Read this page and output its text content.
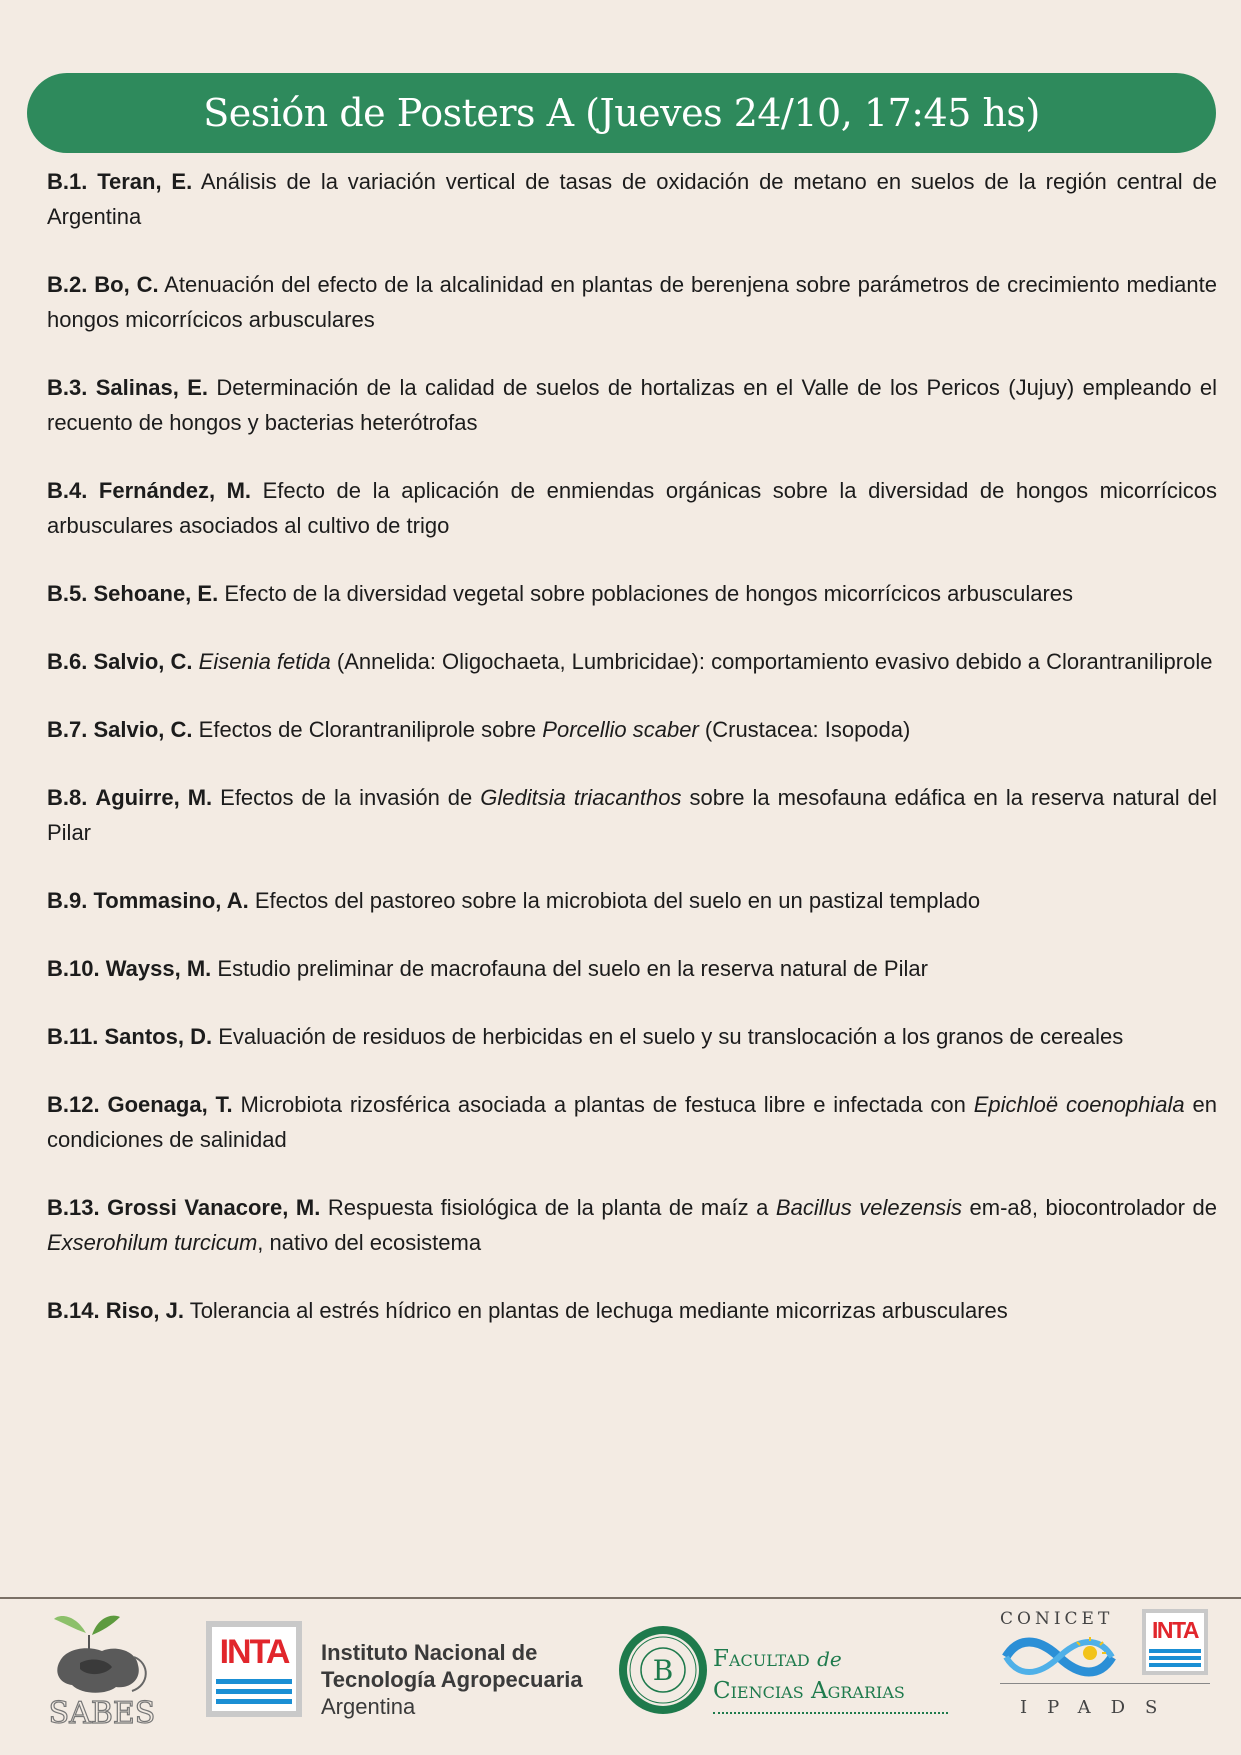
Sesión de Posters A (Jueves 24/10, 17:45 hs)

B.1. Teran, E. Análisis de la variación vertical de tasas de oxidación de metano en suelos de la región central de Argentina

B.2. Bo, C. Atenuación del efecto de la alcalinidad en plantas de berenjena sobre parámetros de crecimiento mediante hongos micorrícicos arbusculares

B.3. Salinas, E. Determinación de la calidad de suelos de hortalizas en el Valle de los Pericos (Jujuy) empleando el recuento de hongos y bacterias heterótrofas

B.4. Fernández, M. Efecto de la aplicación de enmiendas orgánicas sobre la diversidad de hongos micorrícicos arbusculares asociados al cultivo de trigo

B.5. Sehoane, E. Efecto de la diversidad vegetal sobre poblaciones de hongos micorrícicos arbusculares

B.6. Salvio, C. Eisenia fetida (Annelida: Oligochaeta, Lumbricidae): comportamiento evasivo debido a Clorantraniliprole

B.7. Salvio, C. Efectos de Clorantraniliprole sobre Porcellio scaber (Crustacea: Isopoda)

B.8. Aguirre, M. Efectos de la invasión de Gleditsia triacanthos sobre la mesofauna edáfica en la reserva natural del Pilar

B.9. Tommasino, A. Efectos del pastoreo sobre la microbiota del suelo en un pastizal templado

B.10. Wayss, M. Estudio preliminar de macrofauna del suelo en la reserva natural de Pilar

B.11. Santos, D. Evaluación de residuos de herbicidas en el suelo y su translocación a los granos de cereales

B.12. Goenaga, T. Microbiota rizosférica asociada a plantas de festuca libre e infectada con Epichloë coenophiala en condiciones de salinidad

B.13. Grossi Vanacore, M. Respuesta fisiológica de la planta de maíz a Bacillus velezensis em-a8, biocontrolador de Exserohilum turcicum, nativo del ecosistema

B.14. Riso, J. Tolerancia al estrés hídrico en plantas de lechuga mediante micorrizas arbusculares

SABES
INTA	Instituto Nacional de
Tecnología Agropecuaria
Argentina
B Facultad de
Ciencias Agrarias
CONICET INTA
IPADS
